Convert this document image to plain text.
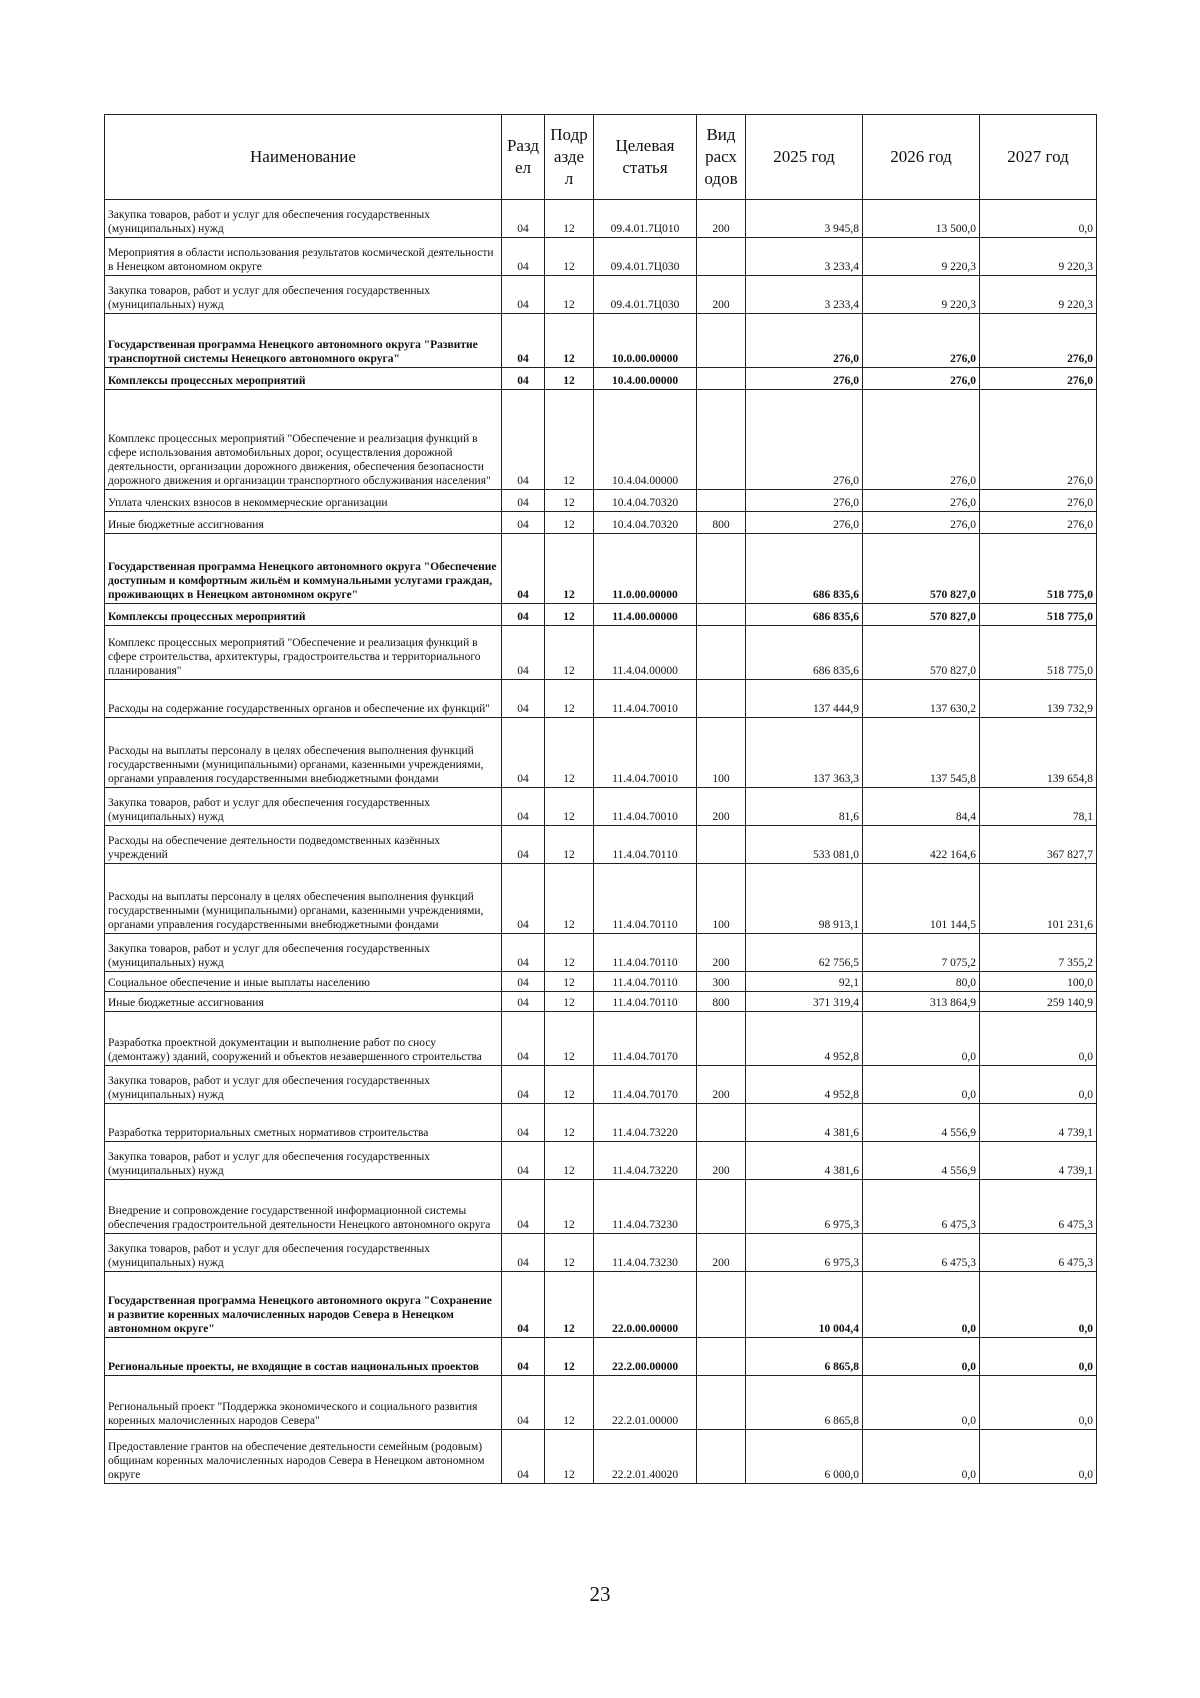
Наименование	Разд ел	Подр азде л	Целевая статья	Вид расх одов	2025 год	2026 год	2027 год
Закупка товаров, работ и услуг для обеспечения государственных (муниципальных) нужд	04	12	09.4.01.7Ц010	200	3 945,8	13 500,0	0,0
Мероприятия в области использования результатов космической деятельности в Ненецком автономном округе	04	12	09.4.01.7Ц030		3 233,4	9 220,3	9 220,3
Закупка товаров, работ и услуг для обеспечения государственных (муниципальных) нужд	04	12	09.4.01.7Ц030	200	3 233,4	9 220,3	9 220,3
Государственная программа Ненецкого автономного округа "Развитие транспортной системы Ненецкого автономного округа"	04	12	10.0.00.00000		276,0	276,0	276,0
Комплексы процессных мероприятий	04	12	10.4.00.00000		276,0	276,0	276,0
Комплекс процессных мероприятий "Обеспечение и реализация функций в сфере использования автомобильных дорог, осуществления дорожной деятельности, организации дорожного движения, обеспечения безопасности дорожного движения и организации транспортного обслуживания населения"	04	12	10.4.04.00000		276,0	276,0	276,0
Уплата членских взносов в некоммерческие организации	04	12	10.4.04.70320		276,0	276,0	276,0
Иные бюджетные ассигнования	04	12	10.4.04.70320	800	276,0	276,0	276,0
Государственная программа Ненецкого автономного округа "Обеспечение доступным и комфортным жильём и коммунальными услугами граждан, проживающих в Ненецком автономном округе"	04	12	11.0.00.00000		686 835,6	570 827,0	518 775,0
Комплексы процессных мероприятий	04	12	11.4.00.00000		686 835,6	570 827,0	518 775,0
Комплекс процессных мероприятий "Обеспечение и реализация функций в сфере строительства, архитектуры, градостроительства и территориального планирования"	04	12	11.4.04.00000		686 835,6	570 827,0	518 775,0
Расходы на содержание государственных органов и обеспечение их функций"	04	12	11.4.04.70010		137 444,9	137 630,2	139 732,9
Расходы на выплаты персоналу в целях обеспечения выполнения функций государственными (муниципальными) органами, казенными учреждениями, органами управления государственными внебюджетными фондами	04	12	11.4.04.70010	100	137 363,3	137 545,8	139 654,8
Закупка товаров, работ и услуг для обеспечения государственных (муниципальных) нужд	04	12	11.4.04.70010	200	81,6	84,4	78,1
Расходы на обеспечение деятельности подведомственных казённых учреждений	04	12	11.4.04.70110		533 081,0	422 164,6	367 827,7
Расходы на выплаты персоналу в целях обеспечения выполнения функций государственными (муниципальными) органами, казенными учреждениями, органами управления государственными внебюджетными фондами	04	12	11.4.04.70110	100	98 913,1	101 144,5	101 231,6
Закупка товаров, работ и услуг для обеспечения государственных (муниципальных) нужд	04	12	11.4.04.70110	200	62 756,5	7 075,2	7 355,2
Социальное обеспечение и иные выплаты населению	04	12	11.4.04.70110	300	92,1	80,0	100,0
Иные бюджетные ассигнования	04	12	11.4.04.70110	800	371 319,4	313 864,9	259 140,9
Разработка проектной документации и выполнение работ по сносу (демонтажу) зданий, сооружений и объектов незавершенного строительства	04	12	11.4.04.70170		4 952,8	0,0	0,0
Закупка товаров, работ и услуг для обеспечения государственных (муниципальных) нужд	04	12	11.4.04.70170	200	4 952,8	0,0	0,0
Разработка территориальных сметных нормативов строительства	04	12	11.4.04.73220		4 381,6	4 556,9	4 739,1
Закупка товаров, работ и услуг для обеспечения государственных (муниципальных) нужд	04	12	11.4.04.73220	200	4 381,6	4 556,9	4 739,1
Внедрение и сопровождение государственной информационной системы обеспечения градостроительной деятельности Ненецкого автономного округа	04	12	11.4.04.73230		6 975,3	6 475,3	6 475,3
Закупка товаров, работ и услуг для обеспечения государственных (муниципальных) нужд	04	12	11.4.04.73230	200	6 975,3	6 475,3	6 475,3
Государственная программа Ненецкого автономного округа "Сохранение и развитие коренных малочисленных народов Севера в Ненецком автономном округе"	04	12	22.0.00.00000		10 004,4	0,0	0,0
Региональные проекты, не входящие в состав национальных проектов	04	12	22.2.00.00000		6 865,8	0,0	0,0
Региональный проект "Поддержка экономического и социального развития коренных малочисленных народов Севера"	04	12	22.2.01.00000		6 865,8	0,0	0,0
Предоставление грантов на обеспечение деятельности семейным (родовым) общинам коренных малочисленных народов Севера в Ненецком автономном округе	04	12	22.2.01.40020		6 000,0	0,0	0,0
23
